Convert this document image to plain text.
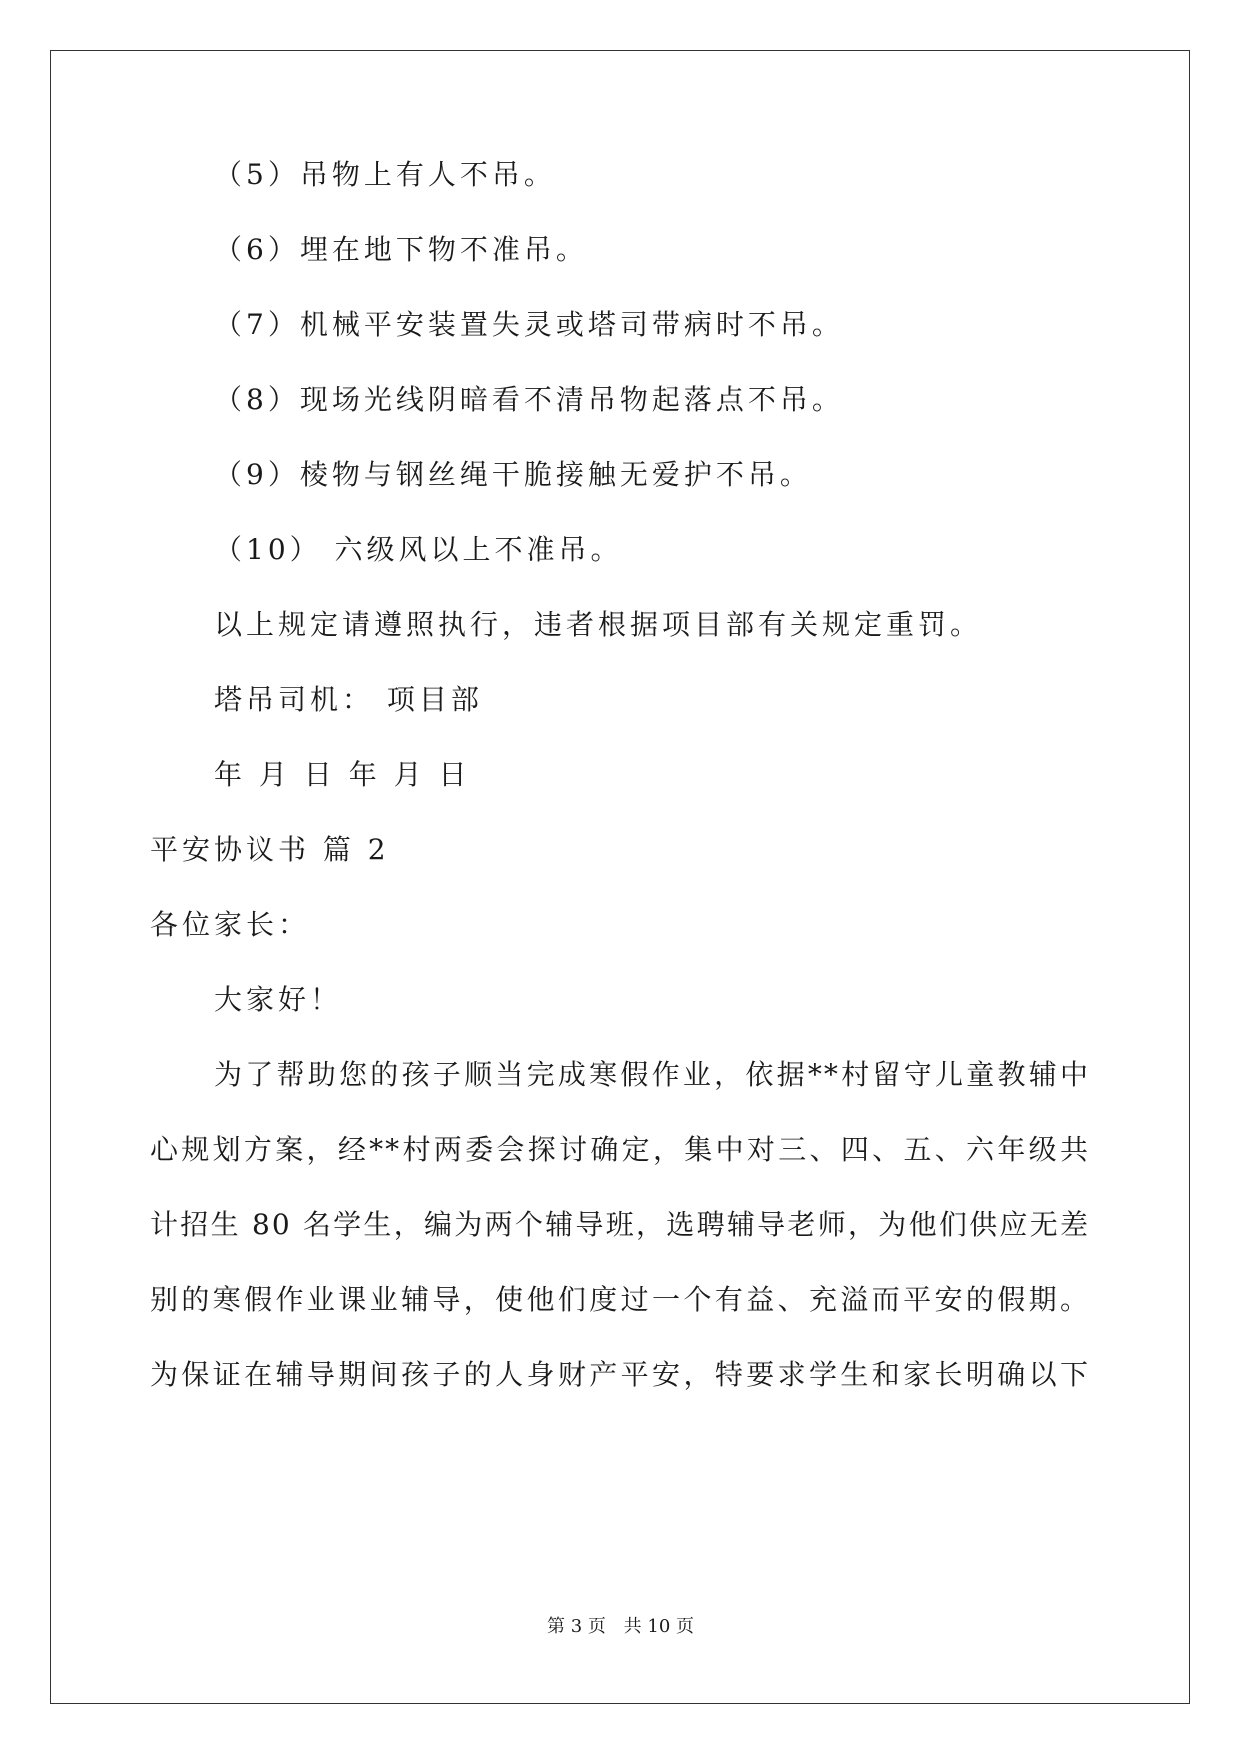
（5）吊物上有人不吊。
（6）埋在地下物不准吊。
（7）机械平安装置失灵或塔司带病时不吊。
（8）现场光线阴暗看不清吊物起落点不吊。
（9）棱物与钢丝绳干脆接触无爱护不吊。
（10） 六级风以上不准吊。
以上规定请遵照执行，违者根据项目部有关规定重罚。
塔吊司机： 项目部
年 月 日 年 月 日
平安协议书 篇 2
各位家长：
大家好！
为了帮助您的孩子顺当完成寒假作业，依据**村留守儿童教辅中
心规划方案，经**村两委会探讨确定，集中对三、四、五、六年级共
计招生 80 名学生，编为两个辅导班，选聘辅导老师，为他们供应无差
别的寒假作业课业辅导，使他们度过一个有益、充溢而平安的假期。
为保证在辅导期间孩子的人身财产平安，特要求学生和家长明确以下
第 3 页 共 10 页
